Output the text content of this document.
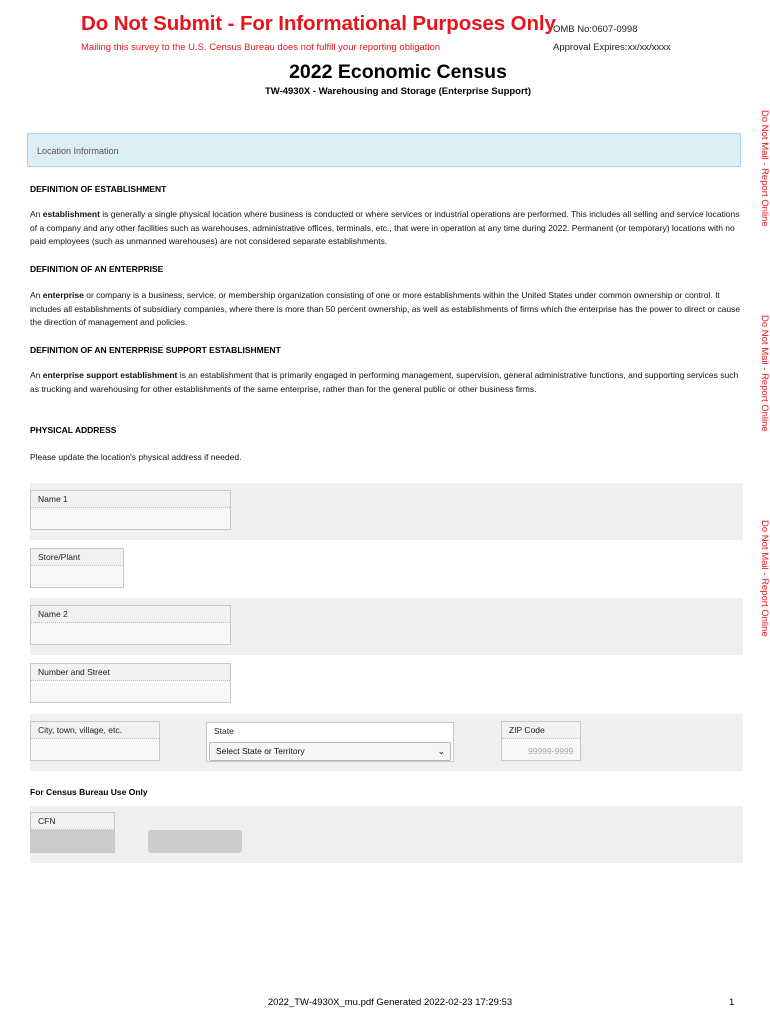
Do Not Submit - For Informational Purposes Only
Mailing this survey to the U.S. Census Bureau does not fulfill your reporting obligation
OMB No:0607-0998
Approval Expires:xx/xx/xxxx
2022 Economic Census
TW-4930X - Warehousing and Storage (Enterprise Support)
Do Not Mail - Report Online
Do Not Mail - Report Online
Do Not Mail - Report Online
Location Information
DEFINITION OF ESTABLISHMENT
An establishment is generally a single physical location where business is conducted or where services or industrial operations are performed. This includes all selling and service locations of a company and any other facilities such as warehouses, administrative offices, terminals, etc., that were in operation at any time during 2022. Permanent (or temporary) locations with no paid employees (such as unmanned warehouses) are not considered separate establishments.
DEFINITION OF AN ENTERPRISE
An enterprise or company is a business, service, or membership organization consisting of one or more establishments within the United States under common ownership or control. It includes all establishments of subsidiary companies, where there is more than 50 percent ownership, as well as establishments of firms which the enterprise has the power to direct or cause the direction of management and policies.
DEFINITION OF AN ENTERPRISE SUPPORT ESTABLISHMENT
An enterprise support establishment is an establishment that is primarily engaged in performing management, supervision, general administrative functions, and supporting services such as trucking and warehousing for other establishments of the same enterprise, rather than for the general public or other business firms.
PHYSICAL ADDRESS
Please update the location's physical address if needed.
Name 1
Store/Plant
Name 2
Number and Street
City, town, village, etc.	State
Select State or Territory	⌄
ZIP Code
99999-9999
For Census Bureau Use Only
CFN
2022_TW-4930X_mu.pdf Generated 2022-02-23 17:29:53	1
